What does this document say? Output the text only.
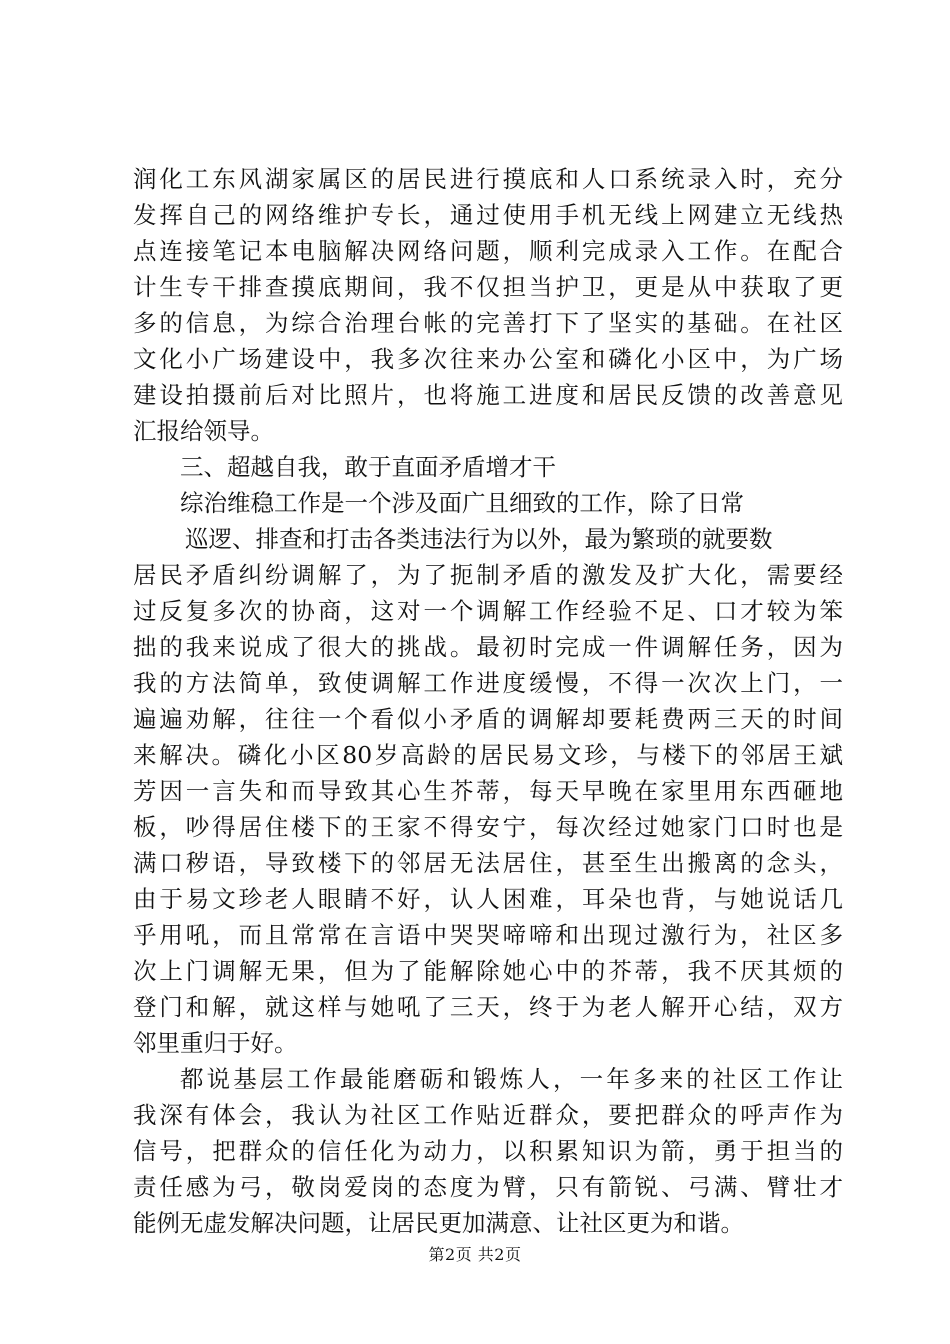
润化工东风湖家属区的居民进行摸底和人口系统录入时，充分
发挥自己的网络维护专长，通过使用手机无线上网建立无线热
点连接笔记本电脑解决网络问题，顺利完成录入工作。在配合
计生专干排查摸底期间，我不仅担当护卫，更是从中获取了更
多的信息，为综合治理台帐的完善打下了坚实的基础。在社区
文化小广场建设中，我多次往来办公室和磷化小区中，为广场
建设拍摄前后对比照片，也将施工进度和居民反馈的改善意见
汇报给领导。
三、超越自我，敢于直面矛盾增才干
综治维稳工作是一个涉及面广且细致的工作，除了日常
巡逻、排查和打击各类违法行为以外，最为繁琐的就要数
居民矛盾纠纷调解了，为了扼制矛盾的激发及扩大化，需要经
过反复多次的协商，这对一个调解工作经验不足、口才较为笨
拙的我来说成了很大的挑战。最初时完成一件调解任务，因为
我的方法简单，致使调解工作进度缓慢，不得一次次上门，一
遍遍劝解，往往一个看似小矛盾的调解却要耗费两三天的时间
来解决。磷化小区80岁高龄的居民易文珍，与楼下的邻居王斌
芳因一言失和而导致其心生芥蒂，每天早晚在家里用东西砸地
板，吵得居住楼下的王家不得安宁，每次经过她家门口时也是
满口秽语，导致楼下的邻居无法居住，甚至生出搬离的念头，
由于易文珍老人眼睛不好，认人困难，耳朵也背，与她说话几
乎用吼，而且常常在言语中哭哭啼啼和出现过激行为，社区多
次上门调解无果，但为了能解除她心中的芥蒂，我不厌其烦的
登门和解，就这样与她吼了三天，终于为老人解开心结，双方
邻里重归于好。
都说基层工作最能磨砺和锻炼人，一年多来的社区工作让
我深有体会，我认为社区工作贴近群众，要把群众的呼声作为
信号，把群众的信任化为动力，以积累知识为箭，勇于担当的
责任感为弓，敬岗爱岗的态度为臂，只有箭锐、弓满、臂壮才
能例无虚发解决问题，让居民更加满意、让社区更为和谐。
第2页 共2页
